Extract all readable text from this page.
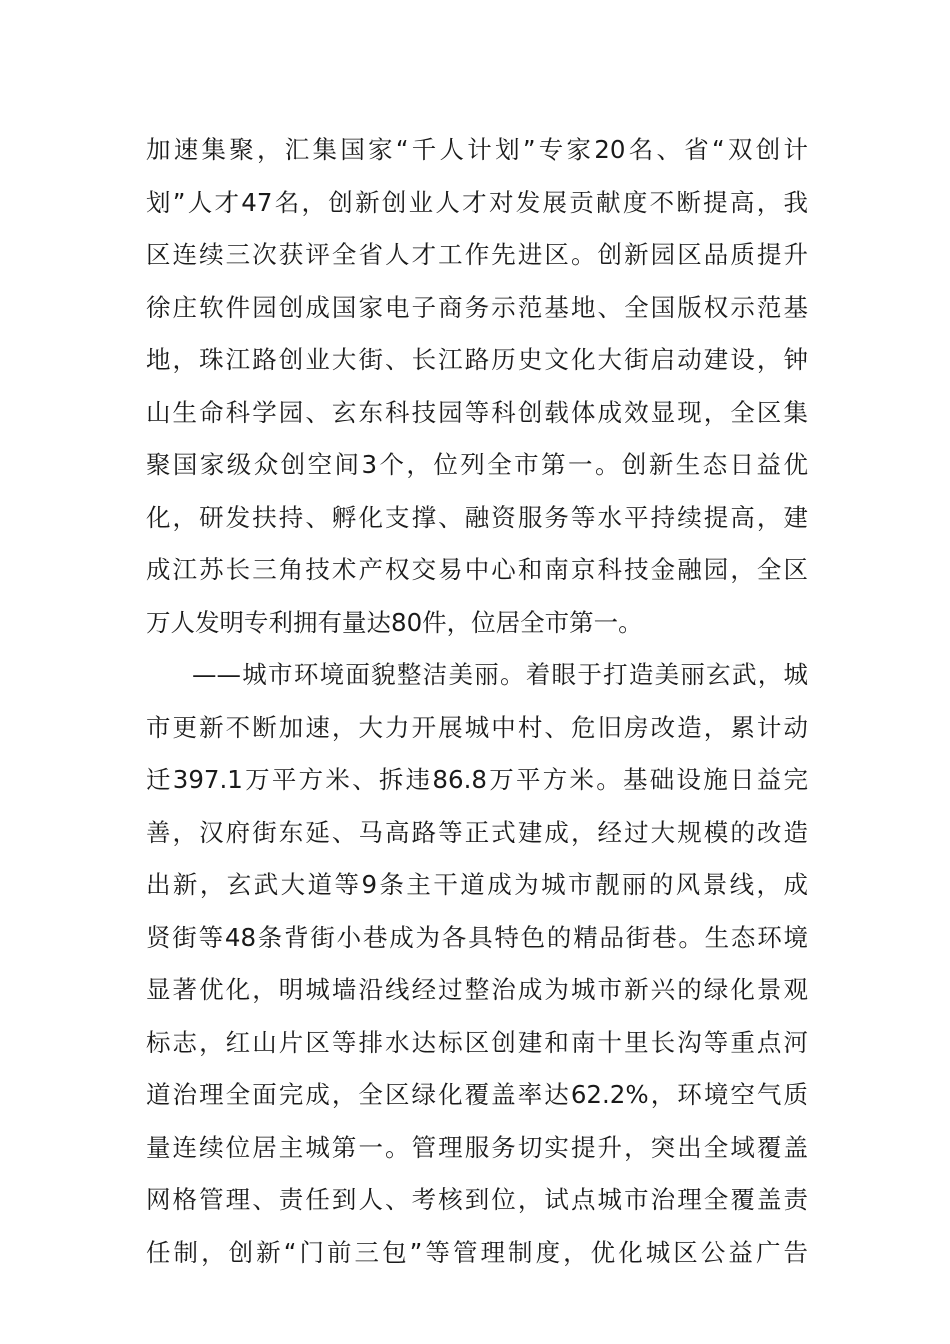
加速集聚，汇集国家“千人计划”专家20名、省“双创计
划”人才47名，创新创业人才对发展贡献度不断提高，我
区连续三次获评全省人才工作先进区。创新园区品质提升
徐庄软件园创成国家电子商务示范基地、全国版权示范基
地，珠江路创业大街、长江路历史文化大街启动建设，钟
山生命科学园、玄东科技园等科创载体成效显现，全区集
聚国家级众创空间3个，位列全市第一。创新生态日益优
化，研发扶持、孵化支撑、融资服务等水平持续提高，建
成江苏长三角技术产权交易中心和南京科技金融园，全区
万人发明专利拥有量达80件，位居全市第一。
——城市环境面貌整洁美丽。着眼于打造美丽玄武，城
市更新不断加速，大力开展城中村、危旧房改造，累计动
迁397.1万平方米、拆违86.8万平方米。基础设施日益完
善，汉府街东延、马高路等正式建成，经过大规模的改造
出新，玄武大道等9条主干道成为城市靓丽的风景线，成
贤街等48条背街小巷成为各具特色的精品街巷。生态环境
显著优化，明城墙沿线经过整治成为城市新兴的绿化景观
标志，红山片区等排水达标区创建和南十里长沟等重点河
道治理全面完成，全区绿化覆盖率达62.2%，环境空气质
量连续位居主城第一。管理服务切实提升，突出全域覆盖
网格管理、责任到人、考核到位，试点城市治理全覆盖责
任制，创新“门前三包”等管理制度，优化城区公益广告
